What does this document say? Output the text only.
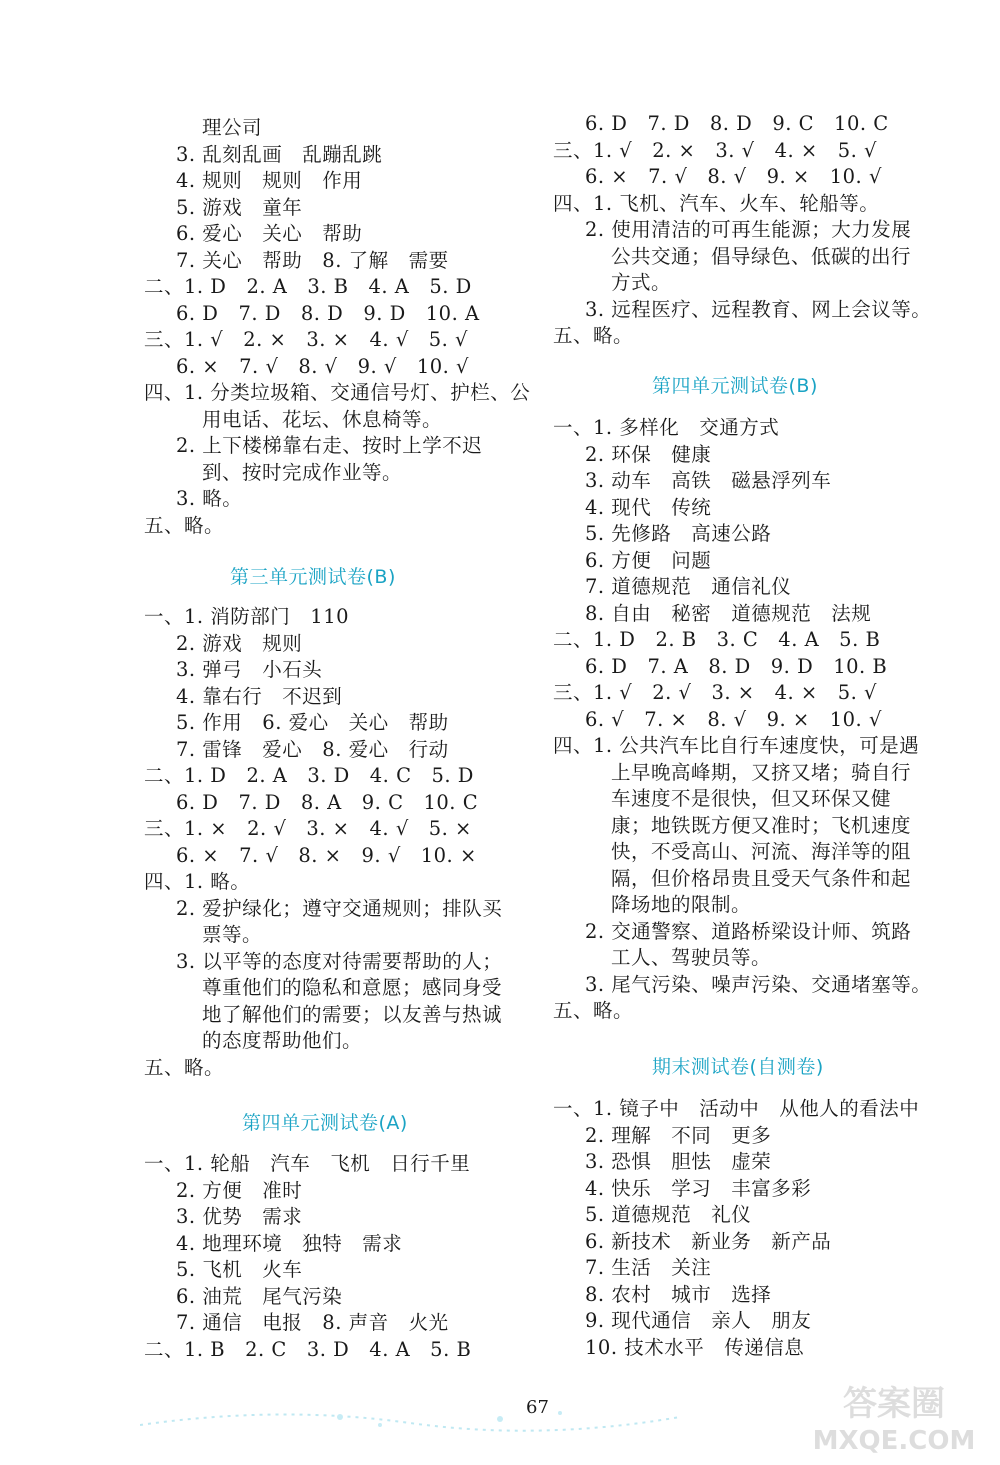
理公司
3. 乱刻乱画　乱蹦乱跳
4. 规则　规则　作用
5. 游戏　童年
6. 爱心　关心　帮助
7. 关心　帮助　8. 了解　需要
二、1. D　2. A　3. B　4. A　5. D
6. D　7. D　8. D　9. D　10. A
三、1. √　2. ×　3. ×　4. √　5. √
6. ×　7. √　8. √　9. √　10. √
四、1. 分类垃圾箱、交通信号灯、护栏、公
用电话、花坛、休息椅等。
2. 上下楼梯靠右走、按时上学不迟
到、按时完成作业等。
3. 略。
五、略。
第三单元测试卷(B)
一、1. 消防部门　110
2. 游戏　规则
3. 弹弓　小石头
4. 靠右行　不迟到
5. 作用　6. 爱心　关心　帮助
7. 雷锋　爱心　8. 爱心　行动
二、1. D　2. A　3. D　4. C　5. D
6. D　7. D　8. A　9. C　10. C
三、1. ×　2. √　3. ×　4. √　5. ×
6. ×　7. √　8. ×　9. √　10. ×
四、1. 略。
2. 爱护绿化；遵守交通规则；排队买
票等。
3. 以平等的态度对待需要帮助的人；
尊重他们的隐私和意愿；感同身受
地了解他们的需要；以友善与热诚
的态度帮助他们。
五、略。
第四单元测试卷(A)
一、1. 轮船　汽车　飞机　日行千里
2. 方便　准时
3. 优势　需求
4. 地理环境　独特　需求
5. 飞机　火车
6. 油荒　尾气污染
7. 通信　电报　8. 声音　火光
二、1. B　2. C　3. D　4. A　5. B
6. D　7. D　8. D　9. C　10. C
三、1. √　2. ×　3. √　4. ×　5. √
6. ×　7. √　8. √　9. ×　10. √
四、1. 飞机、汽车、火车、轮船等。
2. 使用清洁的可再生能源；大力发展
公共交通；倡导绿色、低碳的出行
方式。
3. 远程医疗、远程教育、网上会议等。
五、略。
第四单元测试卷(B)
一、1. 多样化　交通方式
2. 环保　健康
3. 动车　高铁　磁悬浮列车
4. 现代　传统
5. 先修路　高速公路
6. 方便　问题
7. 道德规范　通信礼仪
8. 自由　秘密　道德规范　法规
二、1. D　2. B　3. C　4. A　5. B
6. D　7. A　8. D　9. D　10. B
三、1. √　2. √　3. ×　4. ×　5. √
6. √　7. ×　8. √　9. ×　10. √
四、1. 公共汽车比自行车速度快，可是遇
上早晚高峰期，又挤又堵；骑自行
车速度不是很快，但又环保又健
康；地铁既方便又准时；飞机速度
快，不受高山、河流、海洋等的阻
隔，但价格昂贵且受天气条件和起
降场地的限制。
2. 交通警察、道路桥梁设计师、筑路
工人、驾驶员等。
3. 尾气污染、噪声污染、交通堵塞等。
五、略。
期末测试卷(自测卷)
一、1. 镜子中　活动中　从他人的看法中
2. 理解　不同　更多
3. 恐惧　胆怯　虚荣
4. 快乐　学习　丰富多彩
5. 道德规范　礼仪
6. 新技术　新业务　新产品
7. 生活　关注
8. 农村　城市　选择
9. 现代通信　亲人　朋友
10. 技术水平　传递信息
67	答案圈
MXQE.COM
